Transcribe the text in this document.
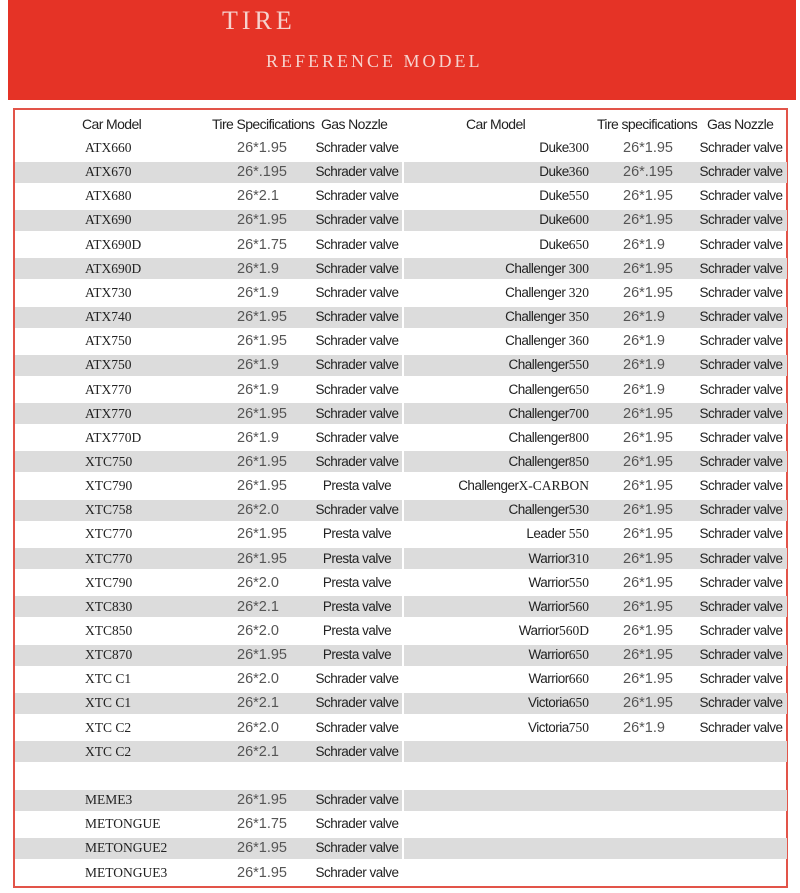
TIRE
REFERENCE MODEL
Car Model	Tire Specifications Gas Nozzle	Car Model	Tire specifications Gas Nozzle
ATX660	26*1.95 Schrader valve	Duke300 26*1.95 Schrader valve
ATX670	26*.195 Schrader valve	Duke360 26*.195 Schrader valve
ATX680	26*2.1	Schrader valve	Duke550 26*1.95 Schrader valve
ATX690	26*1.95 Schrader valve	Duke600 26*1.95 Schrader valve
ATX690D	26*1.75 Schrader valve	Duke650 26*1.9	Schrader valve
ATX690D	26*1.9	Schrader valve	Challenger 300 26*1.95 Schrader valve
ATX730	26*1.9	Schrader valve	Challenger 320 26*1.95 Schrader valve
ATX740	26*1.95 Schrader valve	Challenger 350 26*1.9	Schrader valve
ATX750	26*1.95 Schrader valve	Challenger 360 26*1.9	Schrader valve
ATX750	26*1.9	Schrader valve	Challenger550 26*1.9	Schrader valve
ATX770	26*1.9	Schrader valve	Challenger650 26*1.9	Schrader valve
ATX770	26*1.95 Schrader valve	Challenger700 26*1.95 Schrader valve
ATX770D	26*1.9	Schrader valve	Challenger800 26*1.95 Schrader valve
XTC750	26*1.95 Schrader valve	Challenger850 26*1.95 Schrader valve
XTC790	26*1.95	Presta valve	ChallengerX-CARBON 26*1.95 Schrader valve
XTC758	26*2.0	Schrader valve	Challenger530 26*1.95 Schrader valve
XTC770	26*1.95	Presta valve	Leader 550 26*1.95 Schrader valve
XTC770	26*1.95	Presta valve	Warrior310 26*1.95 Schrader valve
XTC790	26*2.0	Presta valve	Warrior550 26*1.95 Schrader valve
XTC830	26*2.1	Presta valve	Warrior560 26*1.95 Schrader valve
XTC850	26*2.0	Presta valve	Warrior560D 26*1.95 Schrader valve
XTC870	26*1.95	Presta valve	Warrior650 26*1.95 Schrader valve
XTC C1	26*2.0	Schrader valve	Warrior660 26*1.95 Schrader valve
XTC C1	26*2.1	Schrader valve	Victoria650 26*1.95 Schrader valve
XTC C2	26*2.0	Schrader valve	Victoria750 26*1.9	Schrader valve
XTC C2	26*2.1	Schrader valve
MEME3	26*1.95 Schrader valve
METONGUE	26*1.75 Schrader valve
METONGUE2	26*1.95 Schrader valve
METONGUE3	26*1.95 Schrader valve
